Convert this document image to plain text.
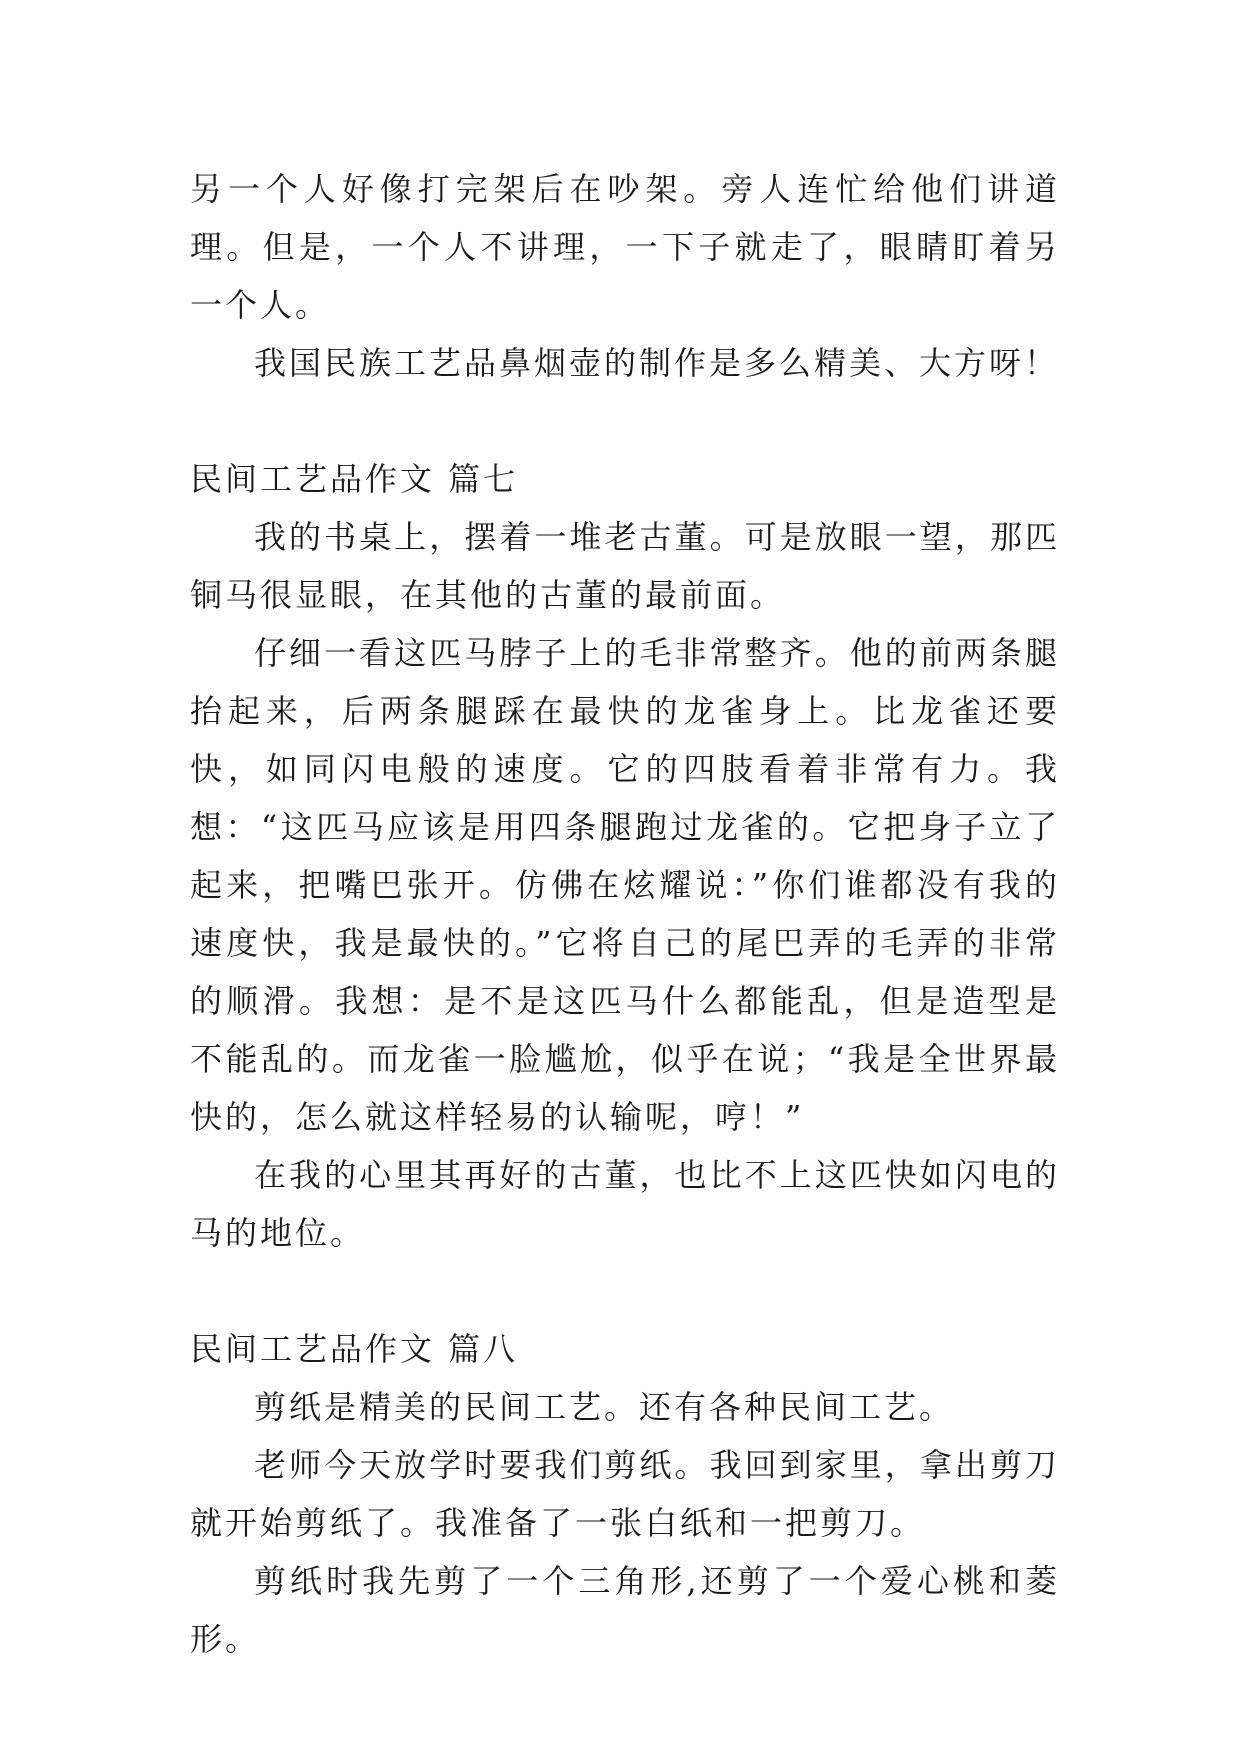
另一个人好像打完架后在吵架。旁人连忙给他们讲道理。但是，一个人不讲理，一下子就走了，眼睛盯着另一个人。

我国民族工艺品鼻烟壶的制作是多么精美、大方呀！

民间工艺品作文 篇七

我的书桌上，摆着一堆老古董。可是放眼一望，那匹铜马很显眼，在其他的古董的最前面。

仔细一看这匹马脖子上的毛非常整齐。他的前两条腿抬起来，后两条腿踩在最快的龙雀身上。比龙雀还要快，如同闪电般的速度。它的四肢看着非常有力。我想：“这匹马应该是用四条腿跑过龙雀的。它把身子立了起来，把嘴巴张开。仿佛在炫耀说：”你们谁都没有我的速度快，我是最快的。”它将自己的尾巴弄的毛弄的非常的顺滑。我想：是不是这匹马什么都能乱，但是造型是不能乱的。而龙雀一脸尴尬，似乎在说；“我是全世界最快的，怎么就这样轻易的认输呢，哼！”

在我的心里其再好的古董，也比不上这匹快如闪电的马的地位。

民间工艺品作文 篇八

剪纸是精美的民间工艺。还有各种民间工艺。

老师今天放学时要我们剪纸。我回到家里，拿出剪刀就开始剪纸了。我准备了一张白纸和一把剪刀。

剪纸时我先剪了一个三角形,还剪了一个爱心桃和菱形。
